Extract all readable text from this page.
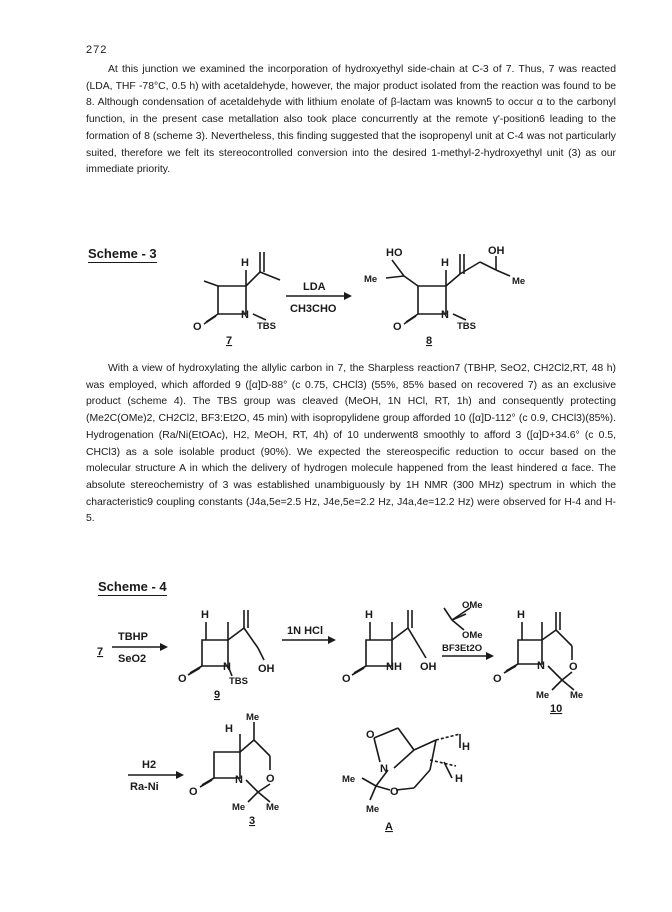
272

At this junction we examined the incorporation of hydroxyethyl side-chain at C-3 of 7. Thus, 7 was reacted (LDA, THF -78°C, 0.5 h) with acetaldehyde, however, the major product isolated from the reaction was found to be 8. Although condensation of acetaldehyde with lithium enolate of β-lactam was known5 to occur α to the carbonyl function, in the present case metallation also took place concurrently at the remote γ'-position6 leading to the formation of 8 (scheme 3). Nevertheless, this finding suggested that the isopropenyl unit at C-4 was not particularly suited, therefore we felt its stereocontrolled conversion into the desired 1-methyl-2-hydroxyethyl unit (3) as our immediate priority.

Scheme - 3

With a view of hydroxylating the allylic carbon in 7, the Sharpless reaction7 (TBHP, SeO2, CH2Cl2,RT, 48 h) was employed, which afforded 9 ([α]D-88° (c 0.75, CHCl3) (55%, 85% based on recovered 7) as an exclusive product (scheme 4). The TBS group was cleaved (MeOH, 1N HCl, RT, 1h) and consequently protecting (Me2C(OMe)2, CH2Cl2, BF3:Et2O, 45 min) with isopropylidene group afforded 10 ([α]D-112° (c 0.9, CHCl3)(85%). Hydrogenation (Ra/Ni(EtOAc), H2, MeOH, RT, 4h) of 10 underwent8 smoothly to afford 3 ([α]D+34.6° (c 0.5, CHCl3) as a sole isolable product (90%). We expected the stereospecific reduction to occur based on the molecular structure A in which the delivery of hydrogen molecule happened from the least hindered α face. The absolute stereochemistry of 3 was established unambiguously by 1H NMR (300 MHz) spectrum in which the characteristic9 coupling constants (J4a,5e=2.5 Hz, J4e,5e=2.2 Hz, J4a,4e=12.2 Hz) were observed for H-4 and H-5.

Scheme - 4
H
O
N
TBS
7
LDA
CH3CHO
HO	OH
H
Me	Me
O
N
TBS
8
7
TBHP
SeO2
H
O
N OH
TBS
9
1N HCl
H
O
NH OH
OMe
OMe
BF3Et2O
H
O
N O
Me Me
10
H2
Ra-Ni
Me
H
O
N O
Me Me
3
O
N
O
Me
Me
H
H
A
